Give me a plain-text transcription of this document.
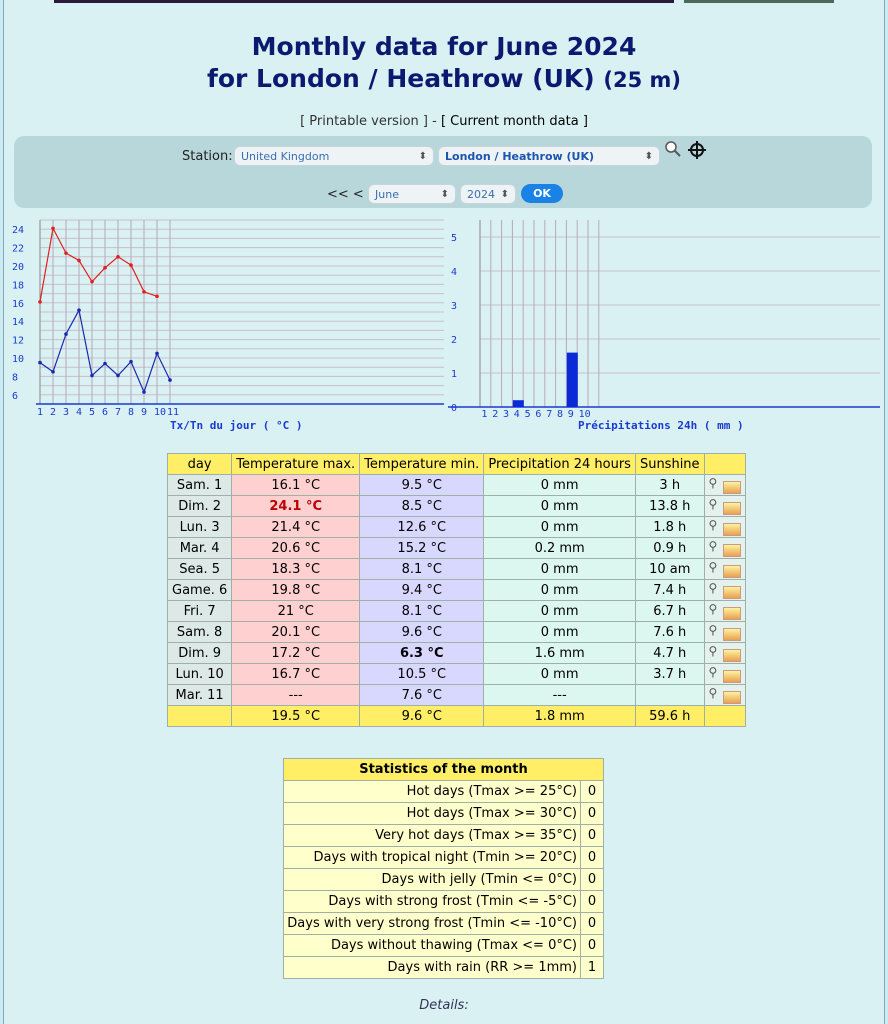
Monthly data for June 2024
for London / Heathrow (UK) (25 m)
[ Printable version ] - [ Current month data ]
Station: United Kingdom	⬍	London / Heathrow (UK)	⬍
<< <	June	⬍	2024 ⬍	OK
24
22
20
18
16
14
12
10
8
6
1 2 3 4 5 6 7 8 9 10 11
Tx/Tn du jour ( °C )
5
4
3
2
1
0
1 2 3 4 5 6 7 8 9 10
Précipitations 24h ( mm )
day	Temperature max.	Temperature min.	Precipitation 24 hours	Sunshine	
Sam. 1	16.1 °C	9.5 °C	0 mm	3 h	⚲

Dim. 2	24.1 °C	8.5 °C	0 mm	13.8 h	⚲

Lun. 3	21.4 °C	12.6 °C	0 mm	1.8 h	⚲

Mar. 4	20.6 °C	15.2 °C	0.2 mm	0.9 h	⚲

Sea. 5	18.3 °C	8.1 °C	0 mm	10 am	⚲

Game. 6	19.8 °C	9.4 °C	0 mm	7.4 h	⚲

Fri. 7	21 °C	8.1 °C	0 mm	6.7 h	⚲

Sam. 8	20.1 °C	9.6 °C	0 mm	7.6 h	⚲

Dim. 9	17.2 °C	6.3 °C	1.6 mm	4.7 h	⚲

Lun. 10	16.7 °C	10.5 °C	0 mm	3.7 h	⚲

Mar. 11	---	7.6 °C	---		⚲

	19.5 °C	9.6 °C	1.8 mm	59.6 h	
Statistics of the month	
Hot days (Tmax >= 25°C)	0
Hot days (Tmax >= 30°C)	0
Very hot days (Tmax >= 35°C)	0
Days with tropical night (Tmin >= 20°C)	0
Days with jelly (Tmin <= 0°C)	0
Days with strong frost (Tmin <= -5°C)	0
Days with very strong frost (Tmin <= -10°C)	0
Days without thawing (Tmax <= 0°C)	0
Days with rain (RR >= 1mm)	1
Details:
